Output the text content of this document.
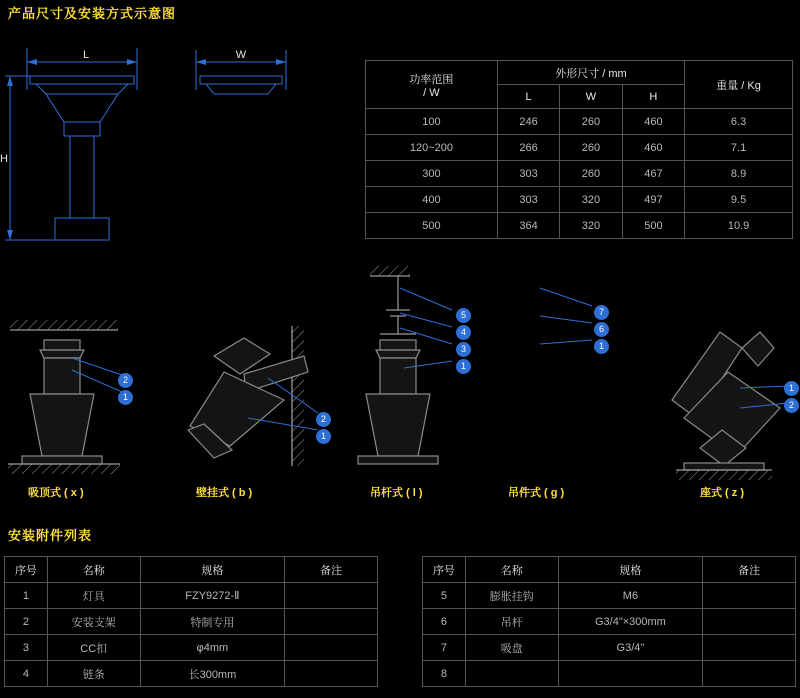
产品尺寸及安装方式示意图
安装附件列表
L	W
H
功率范围
/ W	外形尺寸 / mm			重量 / Kg
	L	W	H	
100	246	260	460	6.3
120~200	266	260	460	7.1
300	303	260	467	8.9
400	303	320	497	9.5
500	364	320	500	10.9
2
1
2
1
5
4
3
1
7
6
1
1
2
吸顶式 ( x )	壁挂式 ( b )	吊杆式 ( l )	吊件式 ( g )	座式 ( z )
序号	名称	规格	备注
1	灯具	FZY9272-Ⅱ	
2	安装支架	特制专用	
3	CC扣	φ4mm	
4	链条	长300mm	
序号	名称	规格	备注
5	膨胀挂钩	M6	
6	吊杆	G3/4"×300mm	
7	吸盘	G3/4"	
8			
